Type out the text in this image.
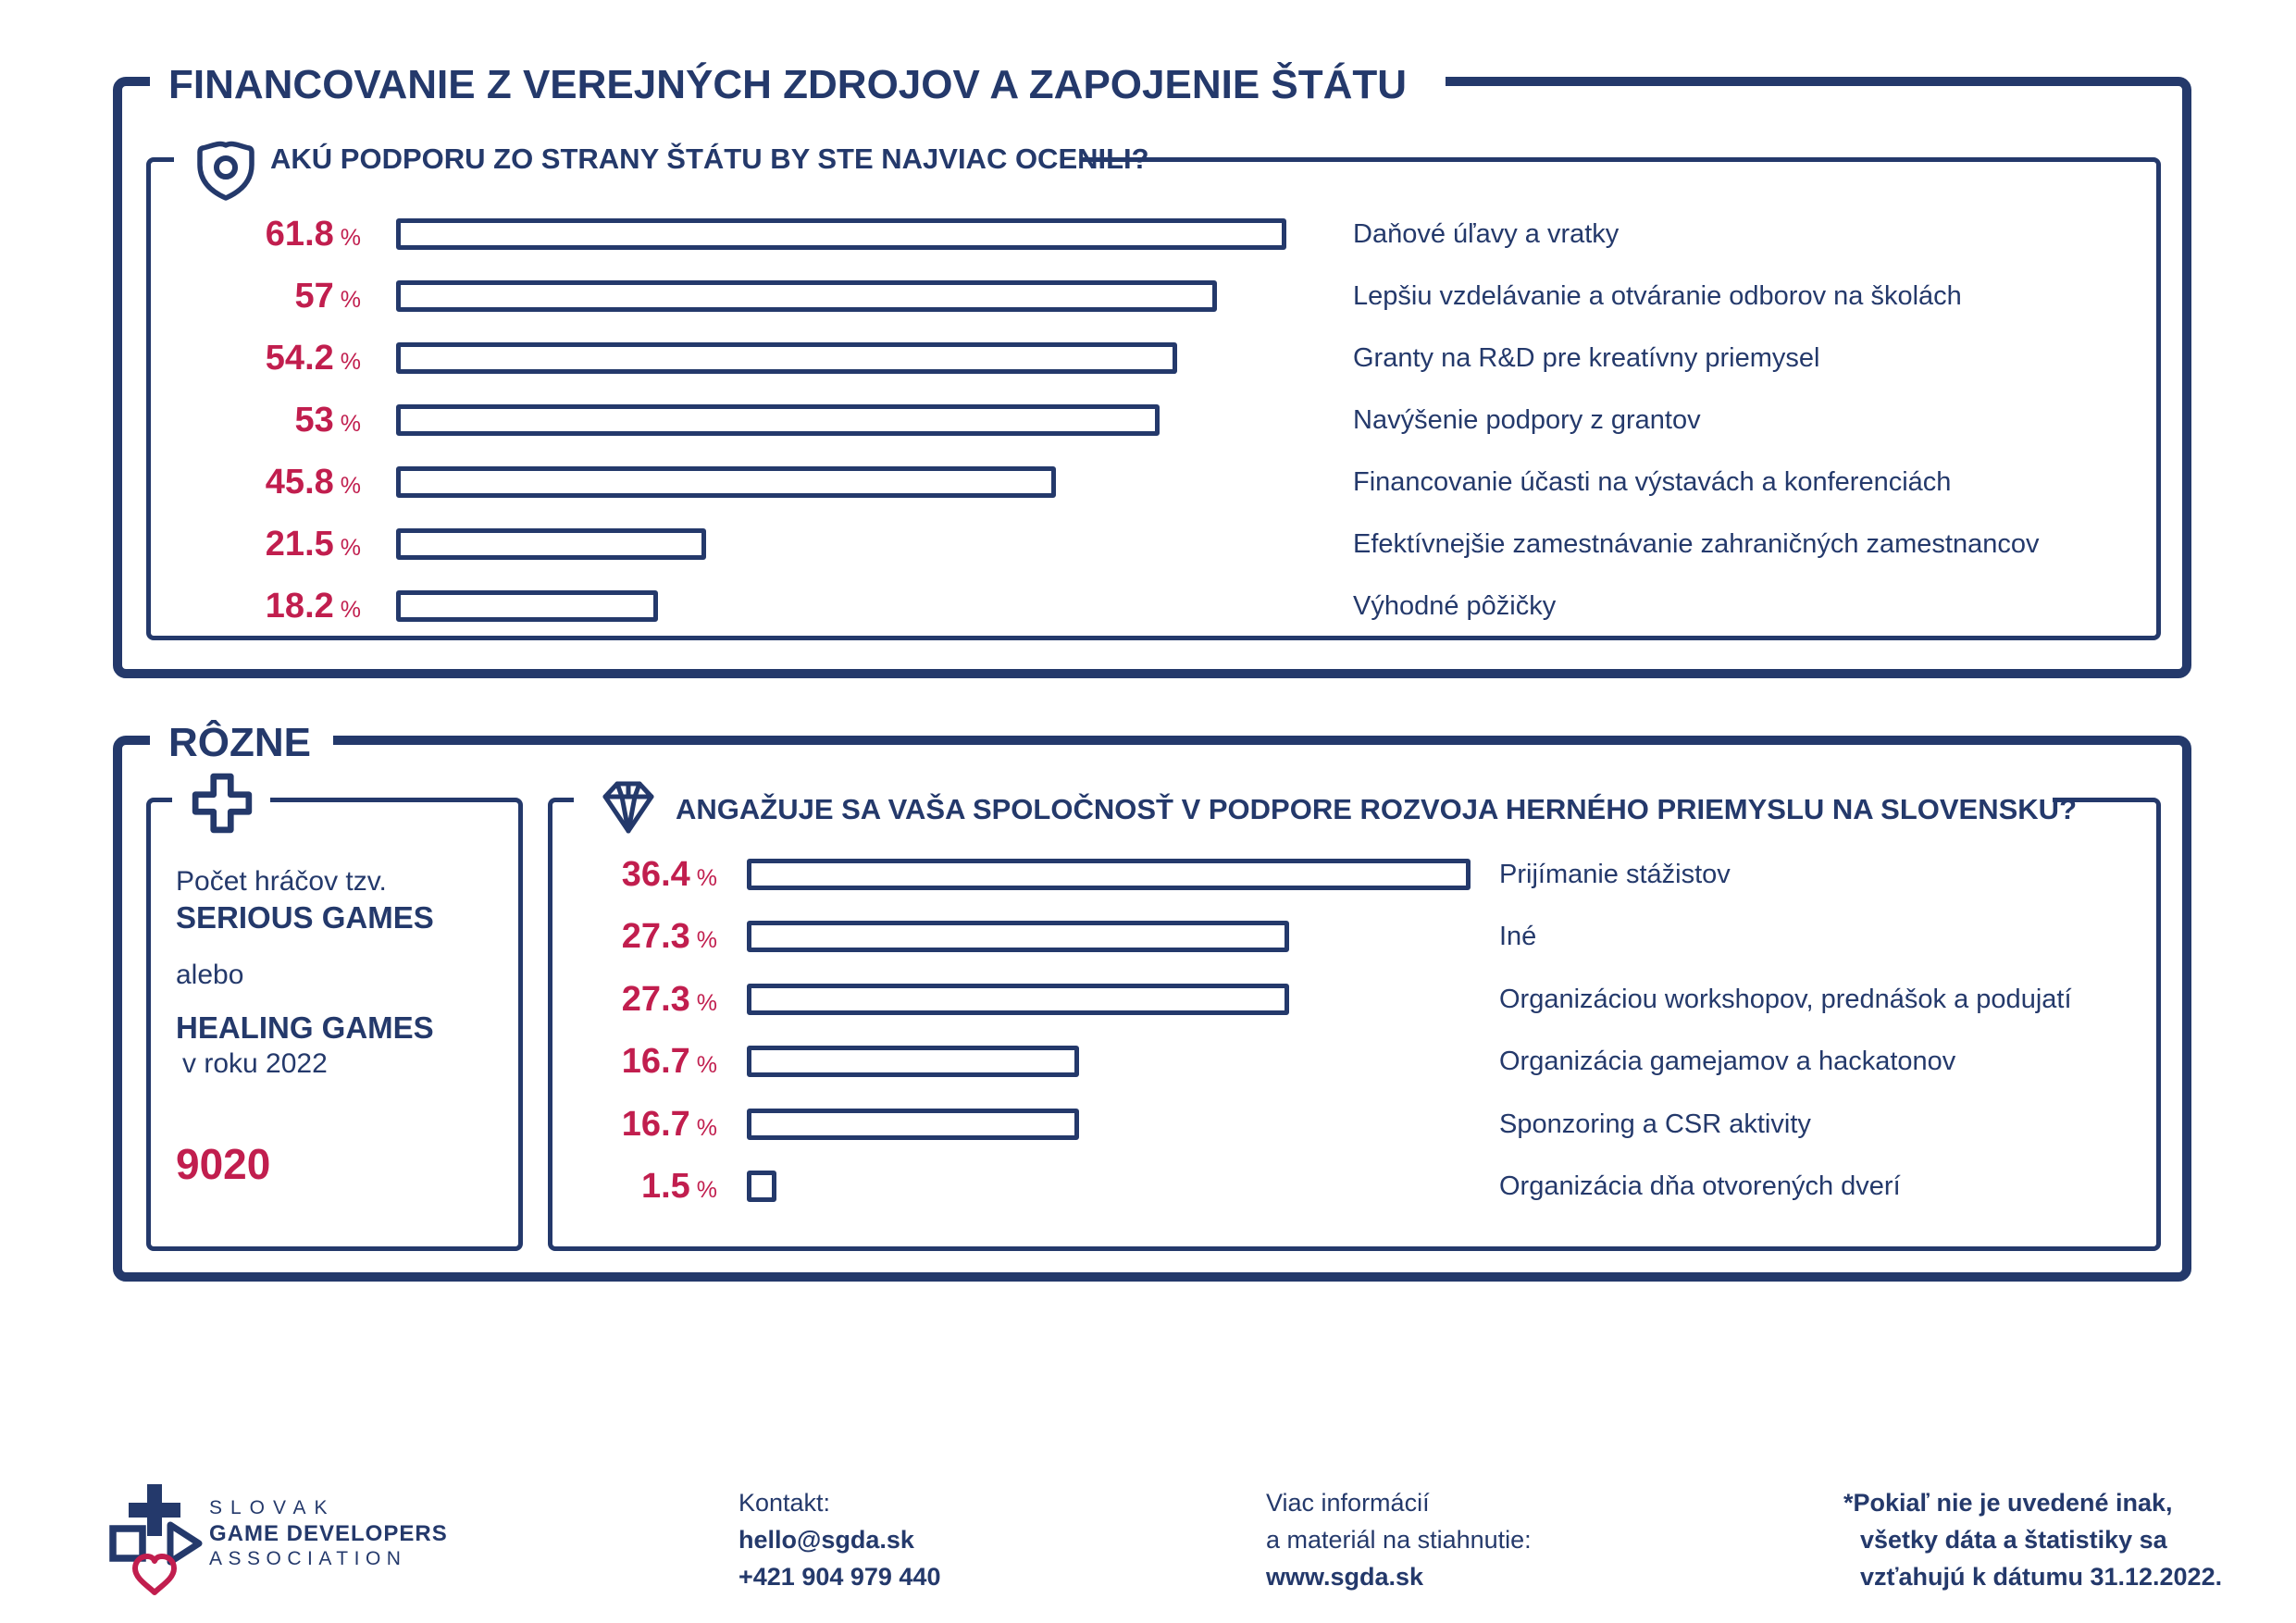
FINANCOVANIE Z VEREJNÝCH ZDROJOV A ZAPOJENIE ŠTÁTU
AKÚ PODPORU ZO STRANY ŠTÁTU BY STE NAJVIAC OCENILI?
61.8 %	Daňové úľavy a vratky
57 %	Lepšiu vzdelávanie a otváranie odborov na školách
54.2 %	Granty na R&D pre kreatívny priemysel
53 %	Navýšenie podpory z grantov
45.8 %	Financovanie účasti na výstavách a konferenciách
21.5 %	Efektívnejšie zamestnávanie zahraničných zamestnancov
18.2 %	Výhodné pôžičky
RÔZNE
Počet hráčov tzv.
SERIOUS GAMES
alebo
HEALING GAMES
v roku 2022
9020
ANGAŽUJE SA VAŠA SPOLOČNOSŤ V PODPORE ROZVOJA HERNÉHO PRIEMYSLU NA SLOVENSKU?
36.4 %	Prijímanie stážistov
27.3 %	Iné
27.3 %	Organizáciou workshopov, prednášok a podujatí
16.7 %	Organizácia gamejamov a hackatonov
16.7 %	Sponzoring a CSR aktivity
1.5 %	Organizácia dňa otvorených dverí
SLOVAK
GAME DEVELOPERS
ASSOCIATION
Kontakt:
hello@sgda.sk
+421 904 979 440
Viac informácií
a materiál na stiahnutie:
www.sgda.sk
*Pokiaľ nie je uvedené inak,
všetky dáta a štatistiky sa
vzťahujú k dátumu 31.12.2022.
